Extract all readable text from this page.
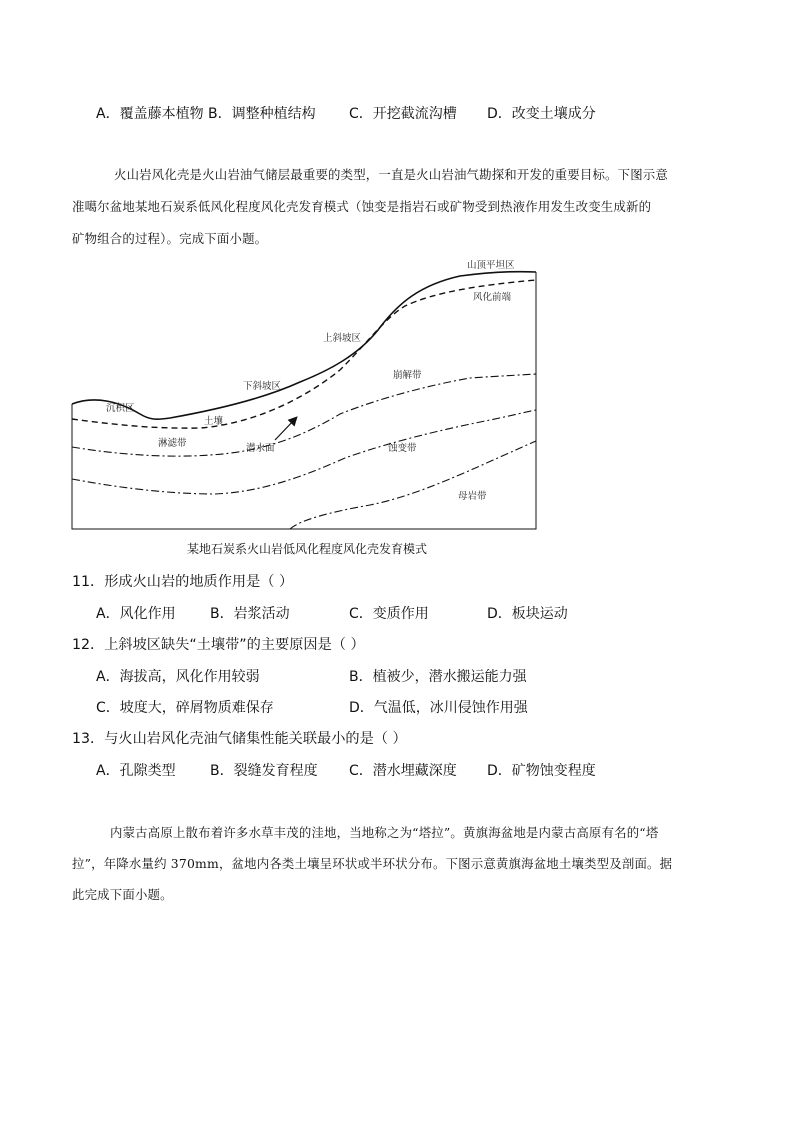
A．覆盖藤本植物 B．调整种植结构 C．开挖截流沟槽 D．改变土壤成分
火山岩风化壳是火山岩油气储层最重要的类型，一直是火山岩油气勘探和开发的重要目标。下图示意
准噶尔盆地某地石炭系低风化程度风化壳发育模式（蚀变是指岩石或矿物受到热液作用发生改变生成新的
矿物组合的过程）。完成下面小题。
山顶平坦区
风化前端
上斜坡区
崩解带
下斜坡区
沉积区
土壤
淋滤带	潜水面	蚀变带
母岩带
某地石炭系火山岩低风化程度风化壳发育模式
11．形成火山岩的地质作用是（ ）
A．风化作用 B．岩浆活动	C．变质作用	D．板块运动
12．上斜坡区缺失“土壤带”的主要原因是（ ）
A．海拔高，风化作用较弱	B．植被少，潜水搬运能力强
C．坡度大，碎屑物质难保存	D．气温低，冰川侵蚀作用强
13．与火山岩风化壳油气储集性能关联最小的是（ ）
A．孔隙类型 B．裂缝发育程度 C．潜水埋藏深度 D．矿物蚀变程度
内蒙古高原上散布着许多水草丰茂的洼地，当地称之为“塔拉”。黄旗海盆地是内蒙古高原有名的“塔
拉”，年降水量约 370mm，盆地内各类土壤呈环状或半环状分布。下图示意黄旗海盆地土壤类型及剖面。据
此完成下面小题。
